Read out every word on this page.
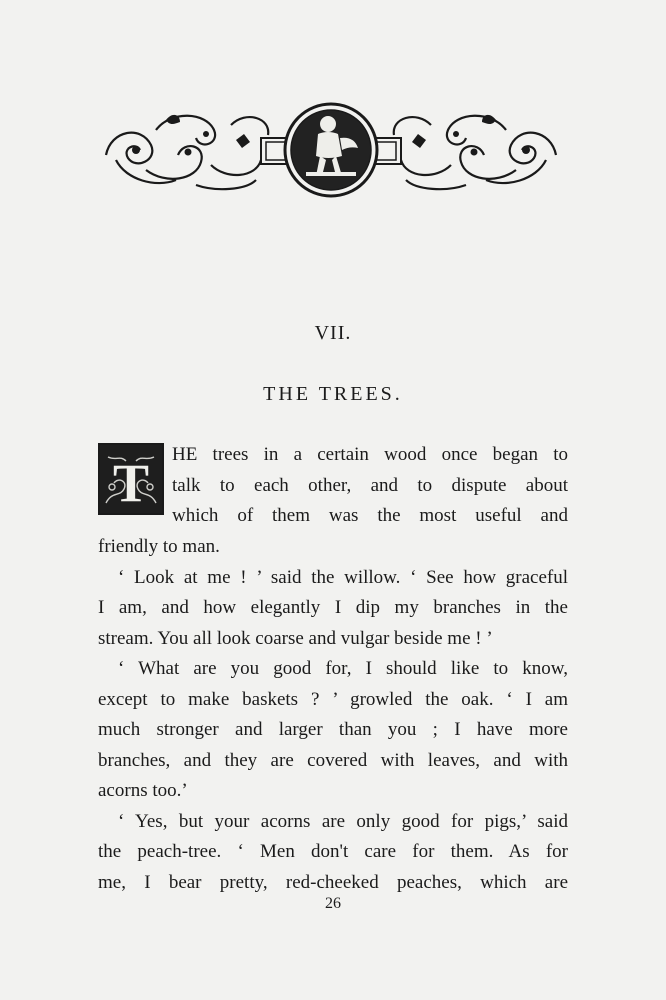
VII.
THE TREES.
T HE trees in a certain wood once began to
talk to each other, and to dispute about
which of them was the most useful and
friendly to man.
‘ Look at me ! ’ said the willow. ‘ See how graceful
I am, and how elegantly I dip my branches in the
stream. You all look coarse and vulgar beside me ! ’
‘ What are you good for, I should like to know,
except to make baskets ? ’ growled the oak. ‘ I am
much stronger and larger than you ; I have more
branches, and they are covered with leaves, and with
acorns too.’
‘ Yes, but your acorns are only good for pigs,’ said
the peach-tree. ‘ Men don't care for them. As for
me, I bear pretty, red-cheeked peaches, which are
26
